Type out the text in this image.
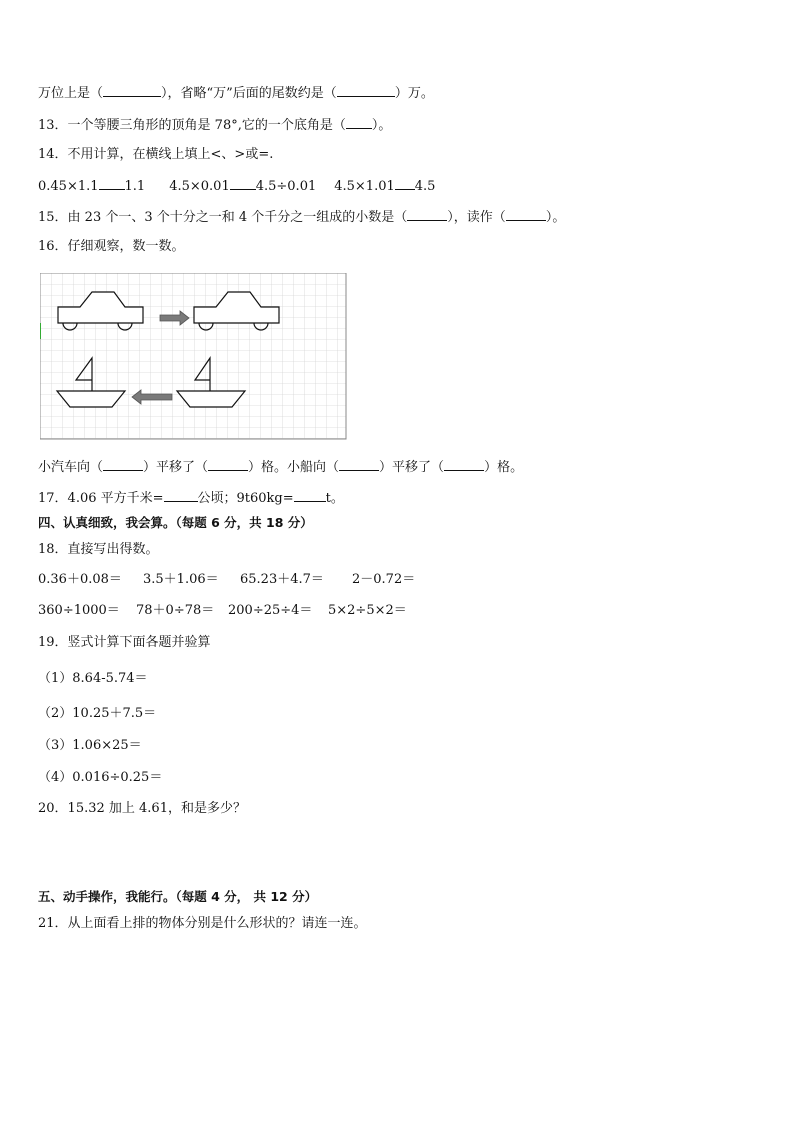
万位上是（	），省略“万”后面的尾数约是（	）万。
13．一个等腰三角形的顶角是 78°,它的一个底角是（ ）。
14．不用计算，在横线上填上<、>或=.
0.45×1.1 1.1 4.5×0.01 4.5÷0.01 4.5×1.01 4.5
15．由 23 个一、3 个十分之一和 4 个千分之一组成的小数是（	），读作（	）。
16．仔细观察，数一数。
小汽车向（	）平移了（	）格。小船向（	）平移了（	）格。
17．4.06 平方千米=	公顷；9t60kg= t。
四、认真细致，我会算。（每题 6 分，共 18 分）
18．直接写出得数。
0.36＋0.08＝ 3.5＋1.06＝ 65.23＋4.7＝ 2－0.72＝
360÷1000＝ 78＋0÷78＝ 200÷25÷4＝ 5×2÷5×2＝
19．竖式计算下面各题并验算
（1）8.64-5.74＝
（2）10.25＋7.5＝
（3）1.06×25＝
（4）0.016÷0.25＝
20．15.32 加上 4.61，和是多少？
五、动手操作，我能行。（每题 4 分， 共 12 分）
21．从上面看上排的物体分别是什么形状的？请连一连。
